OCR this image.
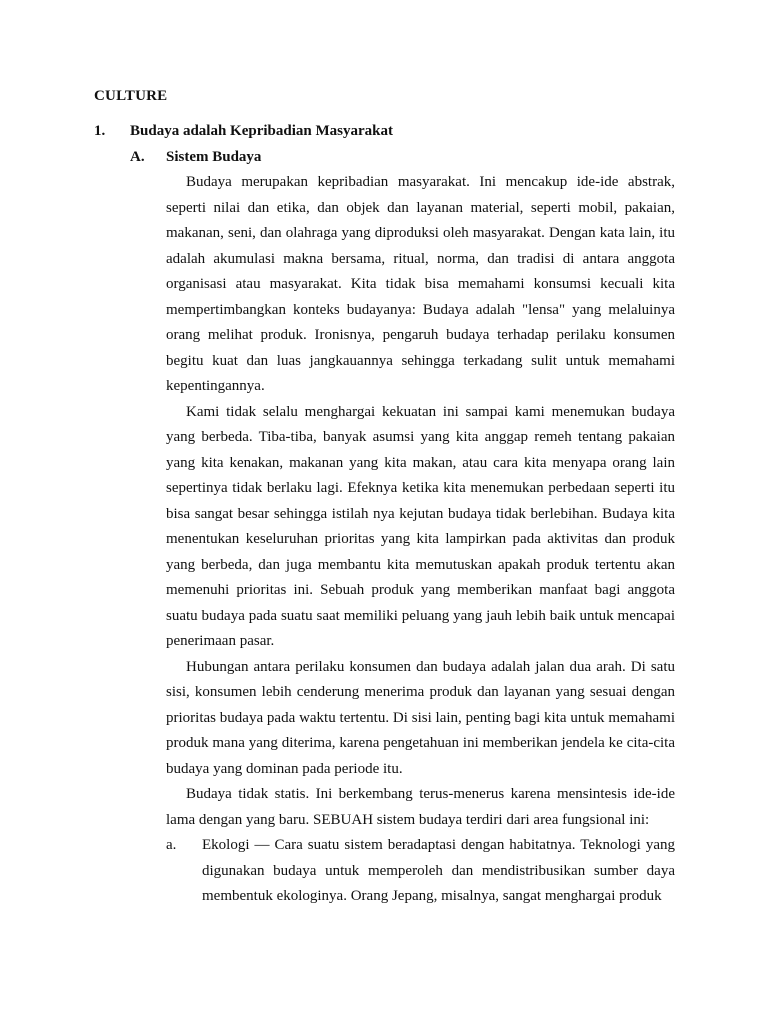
CULTURE
1. Budaya adalah Kepribadian Masyarakat
A. Sistem Budaya

Budaya merupakan kepribadian masyarakat. Ini mencakup ide-ide abstrak, seperti nilai dan etika, dan objek dan layanan material, seperti mobil, pakaian, makanan, seni, dan olahraga yang diproduksi oleh masyarakat. Dengan kata lain, itu adalah akumulasi makna bersama, ritual, norma, dan tradisi di antara anggota organisasi atau masyarakat. Kita tidak bisa memahami konsumsi kecuali kita mempertimbangkan konteks budayanya: Budaya adalah "lensa" yang melaluinya orang melihat produk. Ironisnya, pengaruh budaya terhadap perilaku konsumen begitu kuat dan luas jangkauannya sehingga terkadang sulit untuk memahami kepentingannya.

Kami tidak selalu menghargai kekuatan ini sampai kami menemukan budaya yang berbeda. Tiba-tiba, banyak asumsi yang kita anggap remeh tentang pakaian yang kita kenakan, makanan yang kita makan, atau cara kita menyapa orang lain sepertinya tidak berlaku lagi. Efeknya ketika kita menemukan perbedaan seperti itu bisa sangat besar sehingga istilah nya kejutan budaya tidak berlebihan. Budaya kita menentukan keseluruhan prioritas yang kita lampirkan pada aktivitas dan produk yang berbeda, dan juga membantu kita memutuskan apakah produk tertentu akan memenuhi prioritas ini. Sebuah produk yang memberikan manfaat bagi anggota suatu budaya pada suatu saat memiliki peluang yang jauh lebih baik untuk mencapai penerimaan pasar.

Hubungan antara perilaku konsumen dan budaya adalah jalan dua arah. Di satu sisi, konsumen lebih cenderung menerima produk dan layanan yang sesuai dengan prioritas budaya pada waktu tertentu. Di sisi lain, penting bagi kita untuk memahami produk mana yang diterima, karena pengetahuan ini memberikan jendela ke cita-cita budaya yang dominan pada periode itu.

Budaya tidak statis. Ini berkembang terus-menerus karena mensintesis ide-ide lama dengan yang baru. SEBUAH sistem budaya terdiri dari area fungsional ini:

a. Ekologi — Cara suatu sistem beradaptasi dengan habitatnya. Teknologi yang digunakan budaya untuk memperoleh dan mendistribusikan sumber daya membentuk ekologinya. Orang Jepang, misalnya, sangat menghargai produk
